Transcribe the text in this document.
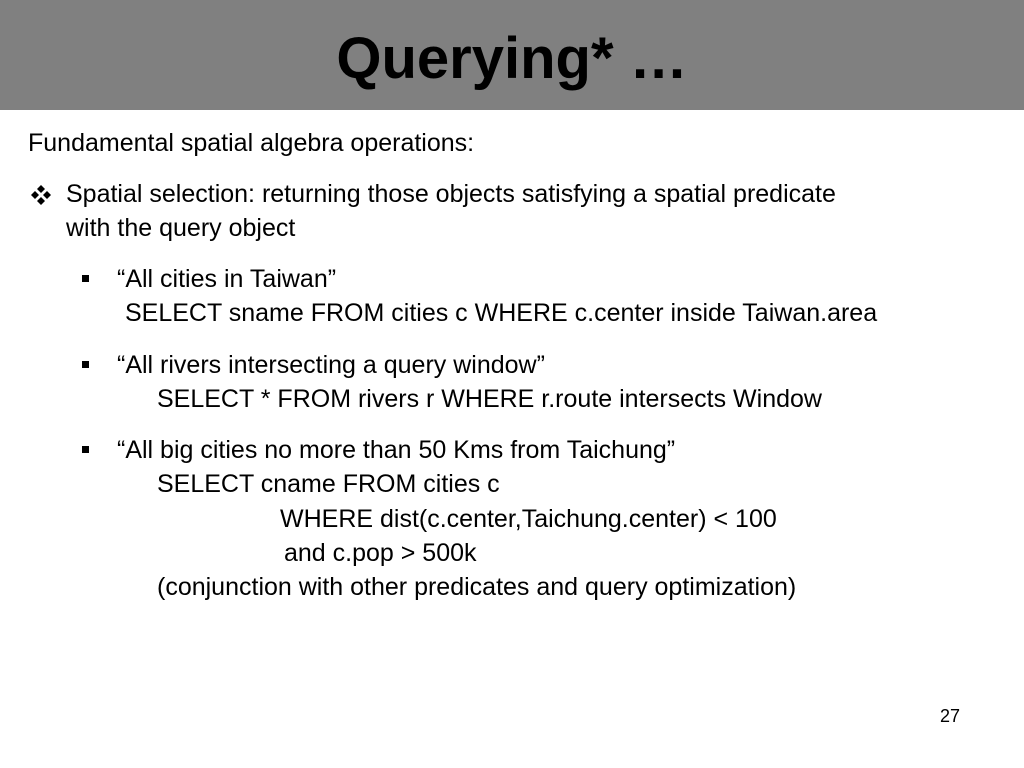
Querying* …
Fundamental spatial algebra operations:
Spatial selection: returning those objects satisfying a spatial predicate
with the query object
“All cities in Taiwan”
SELECT sname FROM cities c WHERE c.center inside Taiwan.area
“All rivers intersecting a query window”
SELECT * FROM rivers r WHERE r.route intersects Window
“All big cities no more than 50 Kms from Taichung”
SELECT cname FROM cities c
WHERE dist(c.center,Taichung.center) < 100
and c.pop > 500k
(conjunction with other predicates and query optimization)
27
